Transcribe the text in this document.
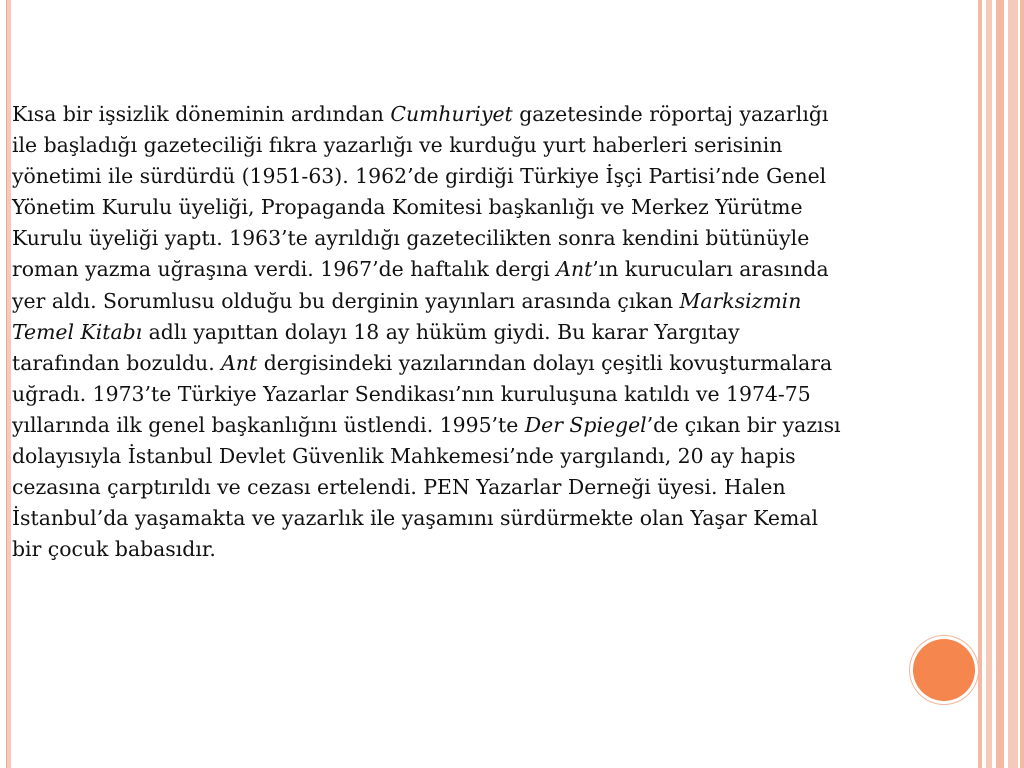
Kısa bir işsizlik döneminin ardından Cumhuriyet gazetesinde röportaj yazarlığı
ile başladığı gazeteciliği fıkra yazarlığı ve kurduğu yurt haberleri serisinin
yönetimi ile sürdürdü (1951-63). 1962’de girdiği Türkiye İşçi Partisi’nde Genel
Yönetim Kurulu üyeliği, Propaganda Komitesi başkanlığı ve Merkez Yürütme
Kurulu üyeliği yaptı. 1963’te ayrıldığı gazetecilikten sonra kendini bütünüyle
roman yazma uğraşına verdi. 1967’de haftalık dergi Ant’ın kurucuları arasında
yer aldı. Sorumlusu olduğu bu derginin yayınları arasında çıkan Marksizmin
Temel Kitabı adlı yapıttan dolayı 18 ay hüküm giydi. Bu karar Yargıtay
tarafından bozuldu. Ant dergisindeki yazılarından dolayı çeşitli kovuşturmalara
uğradı. 1973’te Türkiye Yazarlar Sendikası’nın kuruluşuna katıldı ve 1974-75
yıllarında ilk genel başkanlığını üstlendi. 1995’te Der Spiegel’de çıkan bir yazısı
dolayısıyla İstanbul Devlet Güvenlik Mahkemesi’nde yargılandı, 20 ay hapis
cezasına çarptırıldı ve cezası ertelendi. PEN Yazarlar Derneği üyesi. Halen
İstanbul’da yaşamakta ve yazarlık ile yaşamını sürdürmekte olan Yaşar Kemal
bir çocuk babasıdır.
